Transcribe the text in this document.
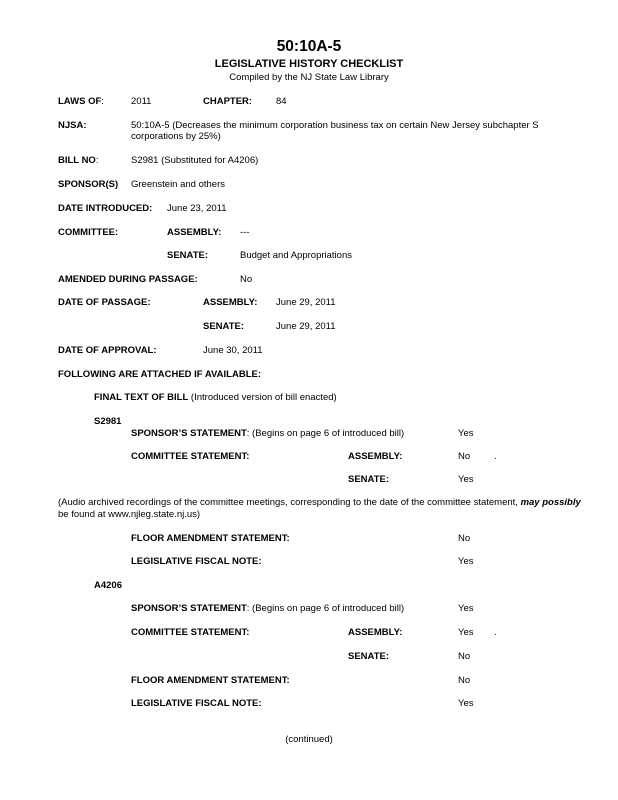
50:10A-5
LEGISLATIVE HISTORY CHECKLIST
Compiled by the NJ State Law Library
LAWS OF:	2011	CHAPTER:	84
NJSA:	50:10A-5 (Decreases the minimum corporation business tax on certain New Jersey subchapter S
corporations by 25%)
BILL NO:	S2981 (Substituted for A4206)
SPONSOR(S) Greenstein and others
DATE INTRODUCED: June 23, 2011
COMMITTEE:	ASSEMBLY: ---
SENATE:	Budget and Appropriations
AMENDED DURING PASSAGE:	No
DATE OF PASSAGE:	ASSEMBLY: June 29, 2011
SENATE:	June 29, 2011
DATE OF APPROVAL:	June 30, 2011
FOLLOWING ARE ATTACHED IF AVAILABLE:
FINAL TEXT OF BILL (Introduced version of bill enacted)
S2981
SPONSOR’S STATEMENT: (Begins on page 6 of introduced bill)	Yes
COMMITTEE STATEMENT:	ASSEMBLY:	No	.
SENATE:	Yes
(Audio archived recordings of the committee meetings, corresponding to the date of the committee statement, may possibly
be found at www.njleg.state.nj.us)
FLOOR AMENDMENT STATEMENT:	No
LEGISLATIVE FISCAL NOTE:	Yes
A4206
SPONSOR’S STATEMENT: (Begins on page 6 of introduced bill)	Yes
COMMITTEE STATEMENT:	ASSEMBLY:	Yes .
SENATE:	No
FLOOR AMENDMENT STATEMENT:	No
LEGISLATIVE FISCAL NOTE:	Yes
(continued)
